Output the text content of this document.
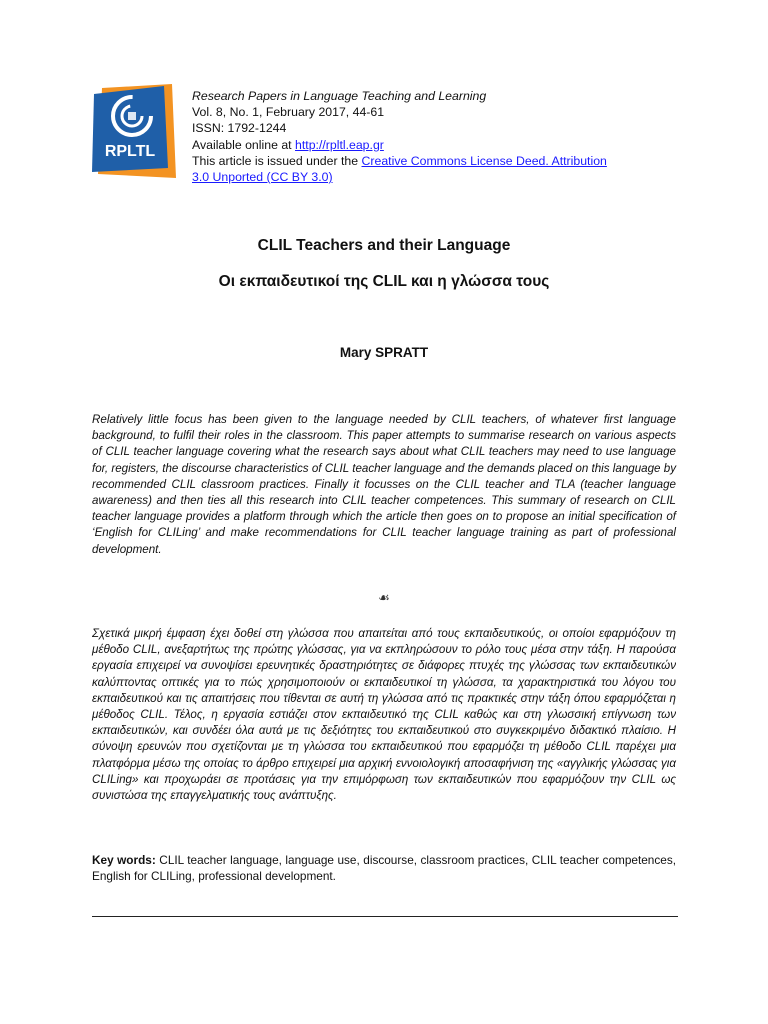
RPLTL
Research Papers in Language Teaching and Learning
Vol. 8, No. 1, February 2017, 44-61
ISSN: 1792-1244
Available online at http://rpltl.eap.gr
This article is issued under the Creative Commons License Deed. Attribution
3.0 Unported (CC BY 3.0)
CLIL Teachers and their Language
Οι εκπαιδευτικοί της CLIL και η γλώσσα τους
Mary SPRATT

Relatively little focus has been given to the language needed by CLIL teachers, of whatever first language background, to fulfil their roles in the classroom. This paper attempts to summarise research on various aspects of CLIL teacher language covering what the research says about what CLIL teachers may need to use language for, registers, the discourse characteristics of CLIL teacher language and the demands placed on this language by recommended CLIL classroom practices. Finally it focusses on the CLIL teacher and TLA (teacher language awareness) and then ties all this research into CLIL teacher competences. This summary of research on CLIL teacher language provides a platform through which the article then goes on to propose an initial specification of ‘English for CLILing’ and make recommendations for CLIL teacher language training as part of professional development.

☙

Σχετικά μικρή έμφαση έχει δοθεί στη γλώσσα που απαιτείται από τους εκπαιδευτικούς, οι οποίοι εφαρμόζουν τη μέθοδο CLIL, ανεξαρτήτως της πρώτης γλώσσας, για να εκπληρώσουν το ρόλο τους μέσα στην τάξη. Η παρούσα εργασία επιχειρεί να συνοψίσει ερευνητικές δραστηριότητες σε διάφορες πτυχές της γλώσσας των εκπαιδευτικών καλύπτοντας οπτικές για το πώς χρησιμοποιούν οι εκπαιδευτικοί τη γλώσσα, τα χαρακτηριστικά του λόγου του εκπαιδευτικού και τις απαιτήσεις που τίθενται σε αυτή τη γλώσσα από τις πρακτικές στην τάξη όπου εφαρμόζεται η μέθοδος CLIL. Τέλος, η εργασία εστιάζει στον εκπαιδευτικό της CLIL καθώς και στη γλωσσική επίγνωση των εκπαιδευτικών, και συνδέει όλα αυτά με τις δεξιότητες του εκπαιδευτικού στο συγκεκριμένο διδακτικό πλαίσιο. Η σύνοψη ερευνών που σχετίζονται με τη γλώσσα του εκπαιδευτικού που εφαρμόζει τη μέθοδο CLIL παρέχει μια πλατφόρμα μέσω της οποίας το άρθρο επιχειρεί μια αρχική εννοιολογική αποσαφήνιση της «αγγλικής γλώσσας για CLILing» και προχωράει σε προτάσεις για την επιμόρφωση των εκπαιδευτικών που εφαρμόζουν την CLIL ως συνιστώσα της επαγγελματικής τους ανάπτυξης.

Key words: CLIL teacher language, language use, discourse, classroom practices, CLIL teacher competences, English for CLILing, professional development.
